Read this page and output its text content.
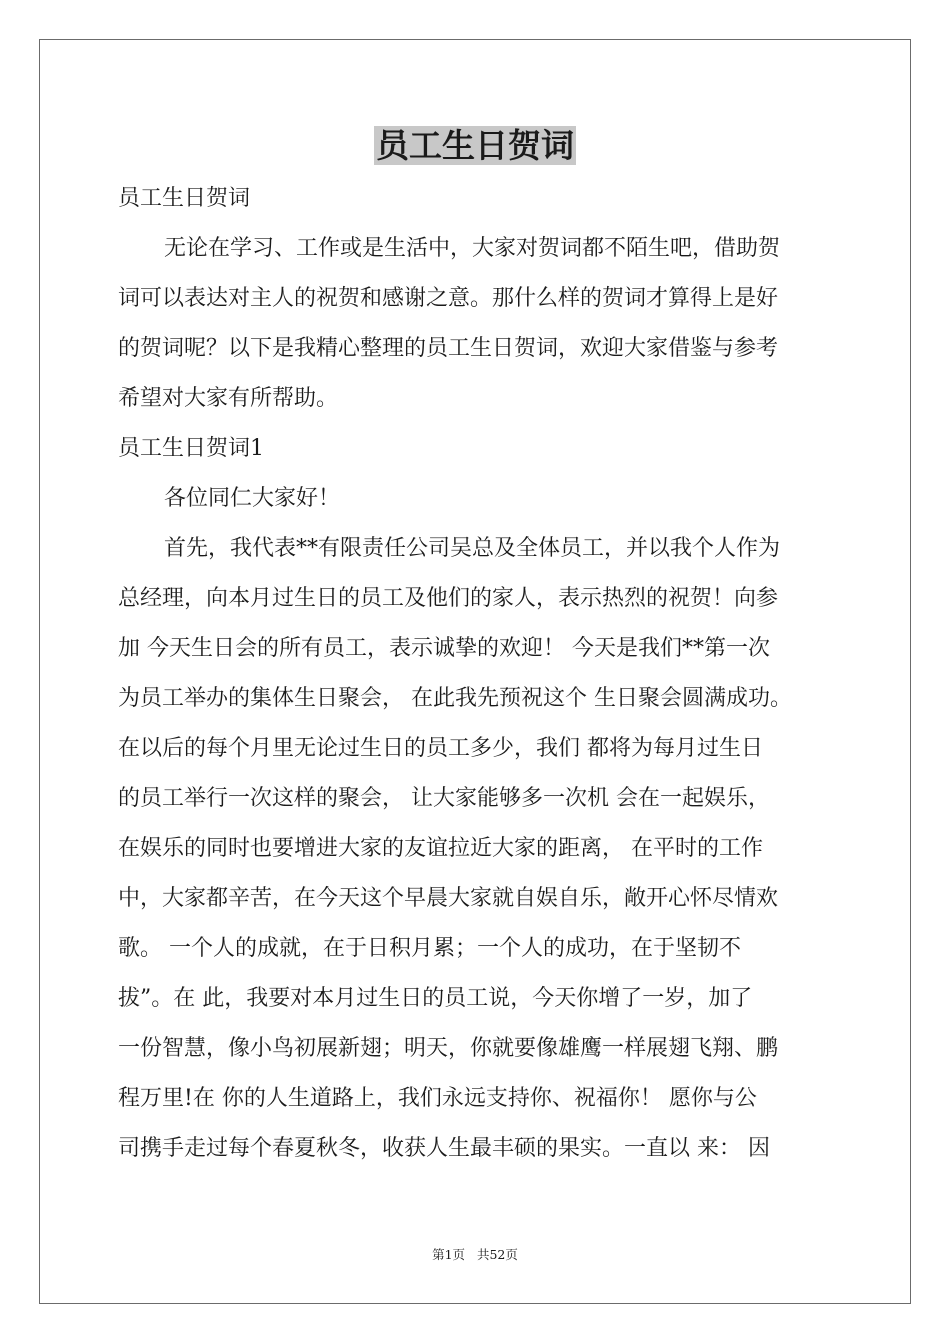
员工生日贺词
员工生日贺词
无论在学习、工作或是生活中，大家对贺词都不陌生吧，借助贺
词可以表达对主人的祝贺和感谢之意。那什么样的贺词才算得上是好
的贺词呢？以下是我精心整理的员工生日贺词，欢迎大家借鉴与参考
希望对大家有所帮助。
员工生日贺词1
各位同仁大家好！
首先，我代表**有限责任公司吴总及全体员工，并以我个人作为
总经理，向本月过生日的员工及他们的家人，表示热烈的祝贺！向参
加 今天生日会的所有员工，表示诚挚的欢迎！ 今天是我们**第一次
为员工举办的集体生日聚会， 在此我先预祝这个 生日聚会圆满成功。
在以后的每个月里无论过生日的员工多少，我们 都将为每月过生日
的员工举行一次这样的聚会， 让大家能够多一次机 会在一起娱乐，
在娱乐的同时也要增进大家的友谊拉近大家的距离， 在平时的工作
中，大家都辛苦，在今天这个早晨大家就自娱自乐，敞开心怀尽情欢
歌。 一个人的成就，在于日积月累；一个人的成功，在于坚韧不
拔”。在 此，我要对本月过生日的员工说，今天你增了一岁，加了
一份智慧，像小鸟初展新翅；明天，你就要像雄鹰一样展翅飞翔、鹏
程万里!在 你的人生道路上，我们永远支持你、祝福你！ 愿你与公
司携手走过每个春夏秋冬，收获人生最丰硕的果实。一直以 来： 因
第1页   共52页
